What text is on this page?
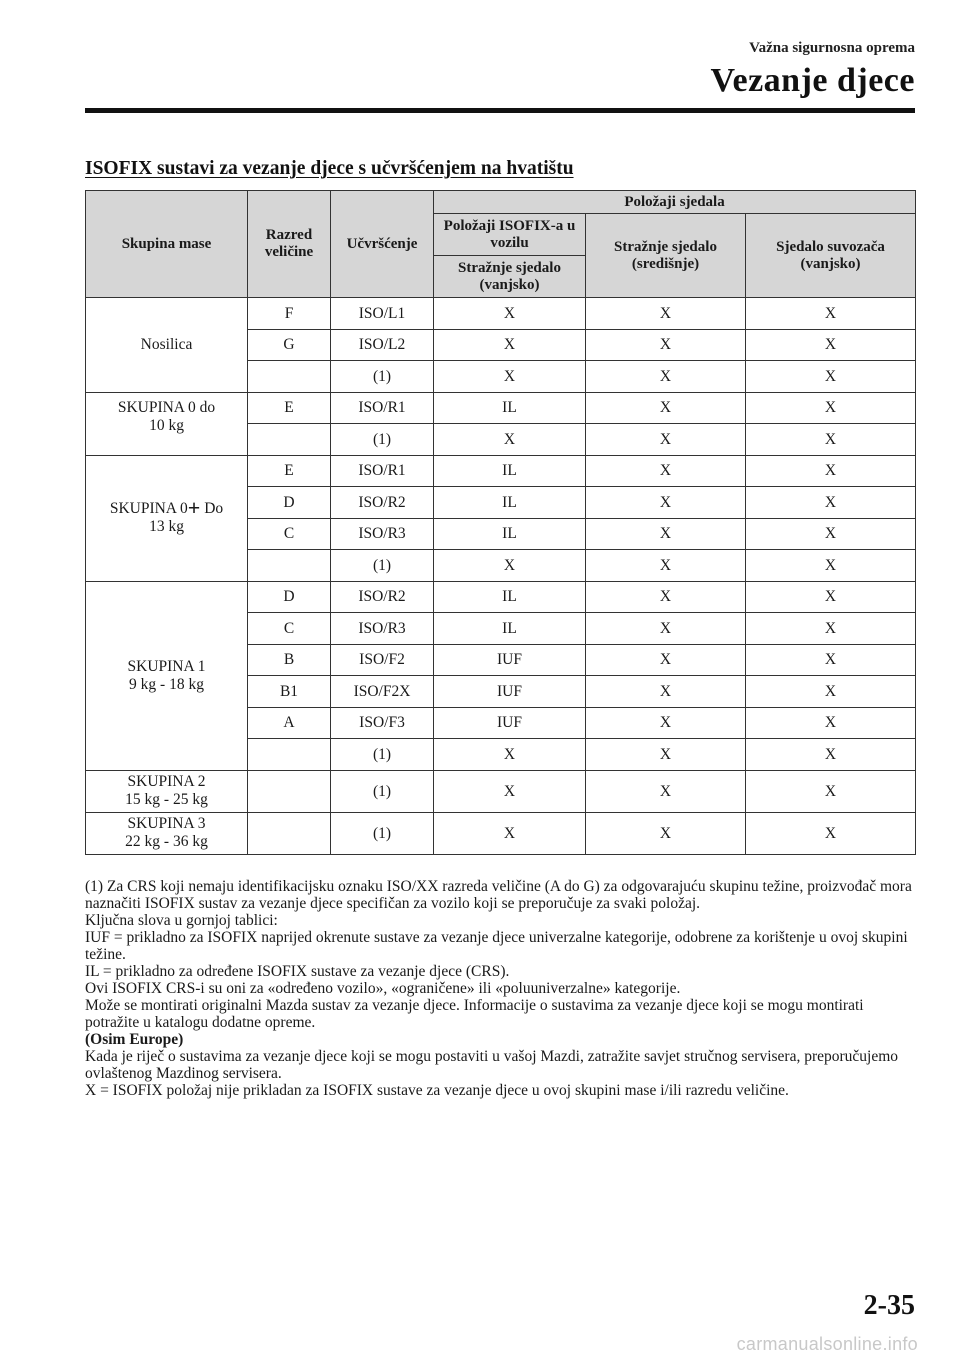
Važna sigurnosna oprema
Vezanje djece
ISOFIX sustavi za vezanje djece s učvršćenjem na hvatištu
Skupina mase	Razred veličine	Učvršćenje	Položaji sjedala		
			Položaji ISOFIX-a u vozilu	Stražnje sjedalo (središnje)	Sjedalo suvozača (vanjsko)
			Stražnje sjedalo (vanjsko)		
Nosilica	F	ISO/L1	X	X	X
	G	ISO/L2	X	X	X
		(1)	X	X	X
SKUPINA 0 do
10 kg	E	ISO/R1	IL	X	X
		(1)	X	X	X
SKUPINA 0+ Do
13 kg	E	ISO/R1	IL	X	X
	D	ISO/R2	IL	X	X
	C	ISO/R3	IL	X	X
		(1)	X	X	X
SKUPINA 1
9 kg - 18 kg	D	ISO/R2	IL	X	X
	C	ISO/R3	IL	X	X
	B	ISO/F2	IUF	X	X
	B1	ISO/F2X	IUF	X	X
	A	ISO/F3	IUF	X	X
		(1)	X	X	X
SKUPINA 2
15 kg - 25 kg		(1)	X	X	X
SKUPINA 3
22 kg - 36 kg		(1)	X	X	X

(1) Za CRS koji nemaju identifikacijsku oznaku ISO/XX razreda veličine (A do G) za odgovarajuću skupinu težine, proizvođač mora naznačiti ISOFIX sustav za vezanje djece specifičan za vozilo koji se preporučuje za svaki položaj.

Ključna slova u gornjoj tablici:

IUF = prikladno za ISOFIX naprijed okrenute sustave za vezanje djece univerzalne kategorije, odobrene za korištenje u ovoj skupini težine.

IL = prikladno za određene ISOFIX sustave za vezanje djece (CRS).

Ovi ISOFIX CRS-i su oni za «određeno vozilo», «ograničene» ili «poluuniverzalne» kategorije.

Može se montirati originalni Mazda sustav za vezanje djece. Informacije o sustavima za vezanje djece koji se mogu montirati potražite u katalogu dodatne opreme.

(Osim Europe)

Kada je riječ o sustavima za vezanje djece koji se mogu postaviti u vašoj Mazdi, zatražite savjet stručnog servisera, preporučujemo ovlaštenog Mazdinog servisera.

X = ISOFIX položaj nije prikladan za ISOFIX sustave za vezanje djece u ovoj skupini mase i/ili razredu veličine.

2-35
carmanualsonline.info
